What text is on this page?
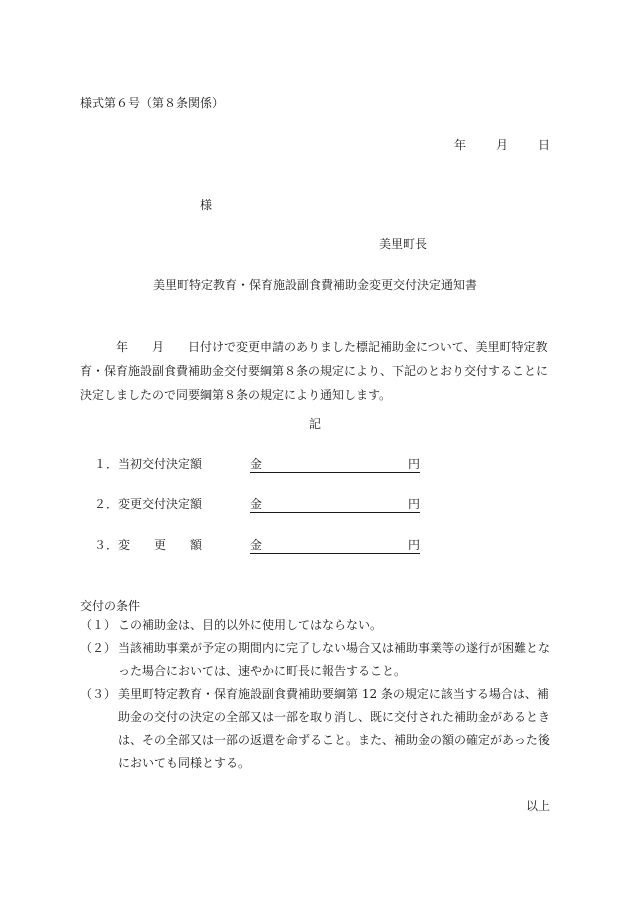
様式第６号（第８条関係）
年	月	日
様
美里町長
美里町特定教育・保育施設副食費補助金変更交付決定通知書

　　　年　　月　　日付けで変更申請のありました標記補助金について、美里町特定教育・保育施設副食費補助金交付要綱第８条の規定により、下記のとおり交付することに決定しましたので同要綱第８条の規定により通知します。

記
１． 当初交付決定額	金	円
２． 変更交付決定額	金	円
３． 変　　更　　額	金	円
交付の条件
（１） この補助金は、目的以外に使用してはならない。
（２） 当該補助事業が予定の期間内に完了しない場合又は補助事業等の遂行が困難となった場合においては、速やかに町長に報告すること。
（３） 美里町特定教育・保育施設副食費補助要綱第 12 条の規定に該当する場合は、補助金の交付の決定の全部又は一部を取り消し、既に交付された補助金があるときは、その全部又は一部の返還を命ずること。また、補助金の額の確定があった後においても同様とする。
以上
